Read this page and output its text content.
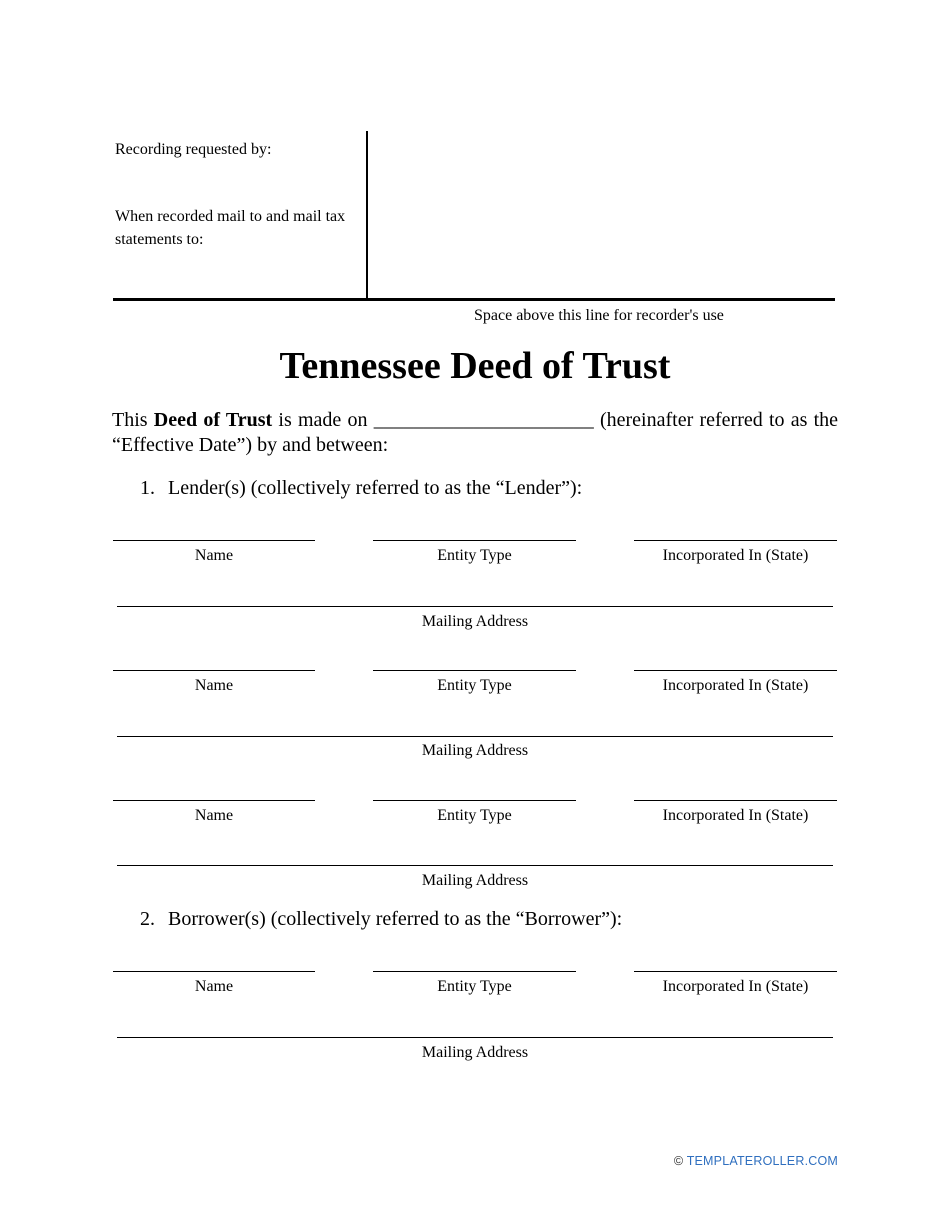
Recording requested by:
When recorded mail to and mail tax statements to:
Space above this line for recorder's use
Tennessee Deed of Trust
This Deed of Trust is made on ______________________ (hereinafter referred to as the “Effective Date”) by and between:
1. Lender(s) (collectively referred to as the “Lender”):
Name	Entity Type	Incorporated In (State)
Mailing Address
Name	Entity Type	Incorporated In (State)
Mailing Address
Name	Entity Type	Incorporated In (State)
Mailing Address
2. Borrower(s) (collectively referred to as the “Borrower”):
Name	Entity Type	Incorporated In (State)
Mailing Address
© TEMPLATEROLLER.COM
